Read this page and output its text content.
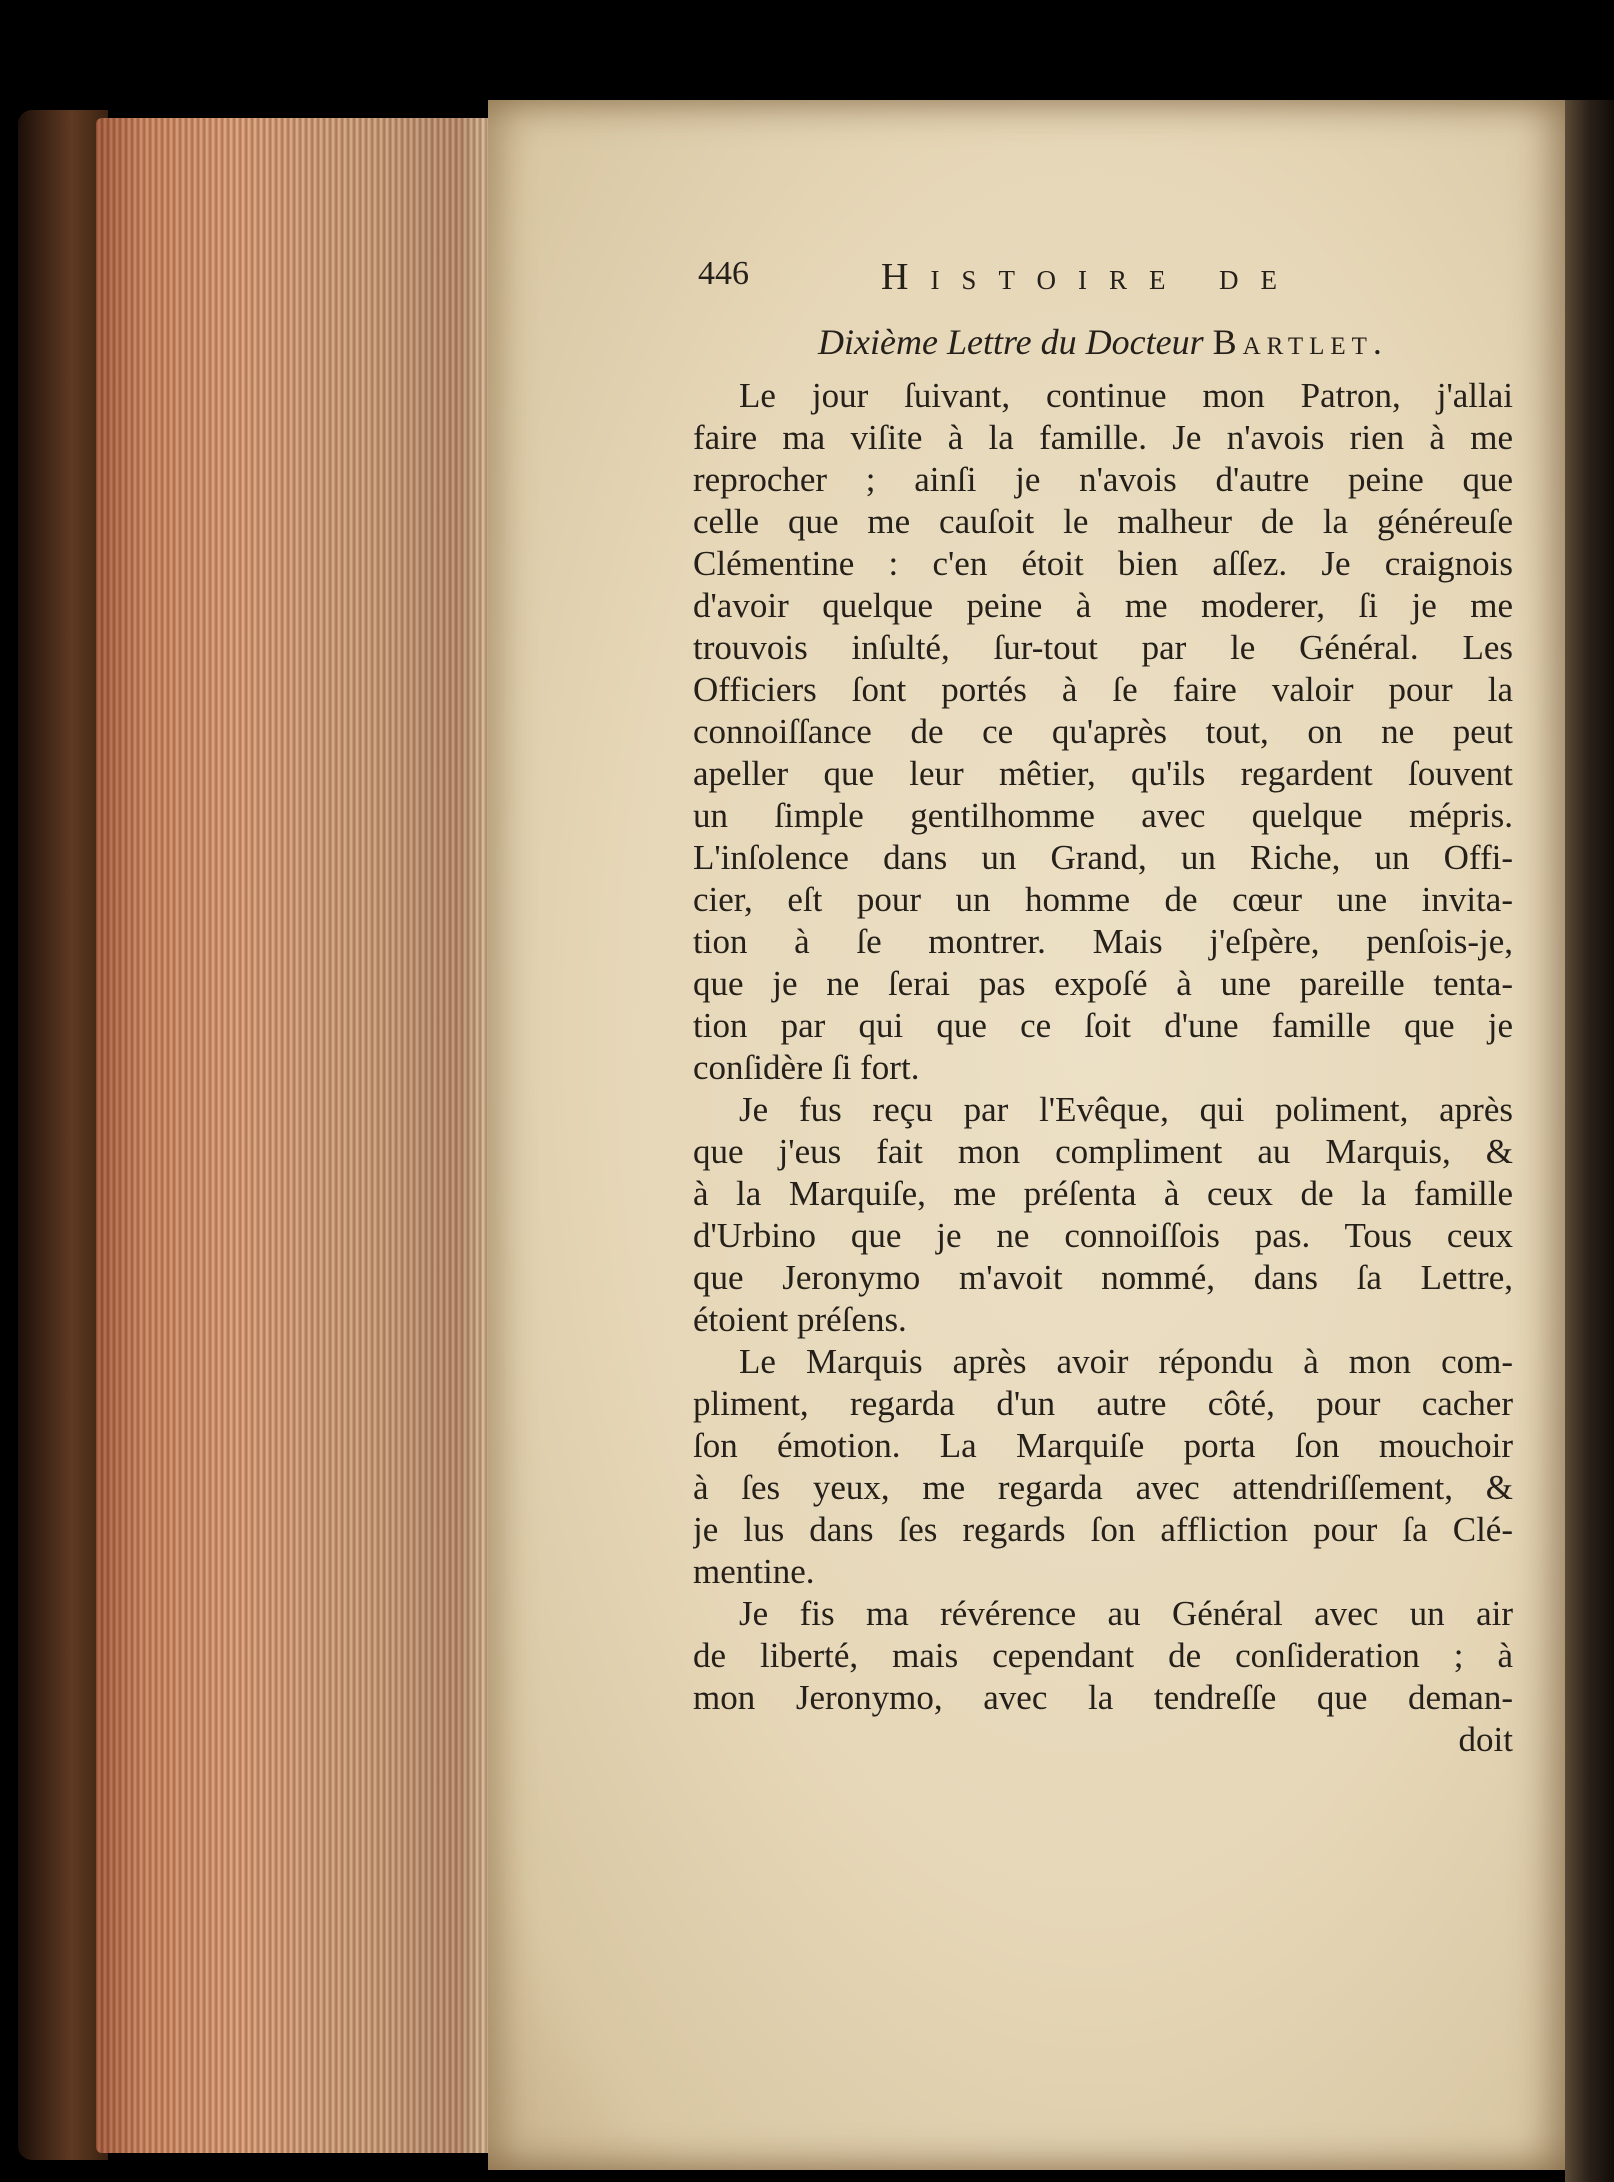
446	Histoire de
Dixième Lettre du Docteur Bartlet.
Le jour ſuivant, continue mon Patron, j'allai
faire ma viſite à la famille. Je n'avois rien à me
reprocher ; ainſi je n'avois d'autre peine que
celle que me cauſoit le malheur de la généreuſe
Clémentine : c'en étoit bien aſſez. Je craignois
d'avoir quelque peine à me moderer, ſi je me
trouvois inſulté, ſur-tout par le Général. Les
Officiers ſont portés à ſe faire valoir pour la
connoiſſance de ce qu'après tout, on ne peut
apeller que leur mêtier, qu'ils regardent ſouvent
un ſimple gentilhomme avec quelque mépris.
L'inſolence dans un Grand, un Riche, un Offi-
cier, eſt pour un homme de cœur une invita-
tion à ſe montrer. Mais j'eſpère, penſois-je,
que je ne ſerai pas expoſé à une pareille tenta-
tion par qui que ce ſoit d'une famille que je
conſidère ſi fort.
Je fus reçu par l'Evêque, qui poliment, après
que j'eus fait mon compliment au Marquis, &
à la Marquiſe, me préſenta à ceux de la famille
d'Urbino que je ne connoiſſois pas. Tous ceux
que Jeronymo m'avoit nommé, dans ſa Lettre,
étoient préſens.
Le Marquis après avoir répondu à mon com-
pliment, regarda d'un autre côté, pour cacher
ſon émotion. La Marquiſe porta ſon mouchoir
à ſes yeux, me regarda avec attendriſſement, &
je lus dans ſes regards ſon affliction pour ſa Clé-
mentine.
Je fis ma révérence au Général avec un air
de liberté, mais cependant de conſideration ; à
mon Jeronymo, avec la tendreſſe que deman-
doit
